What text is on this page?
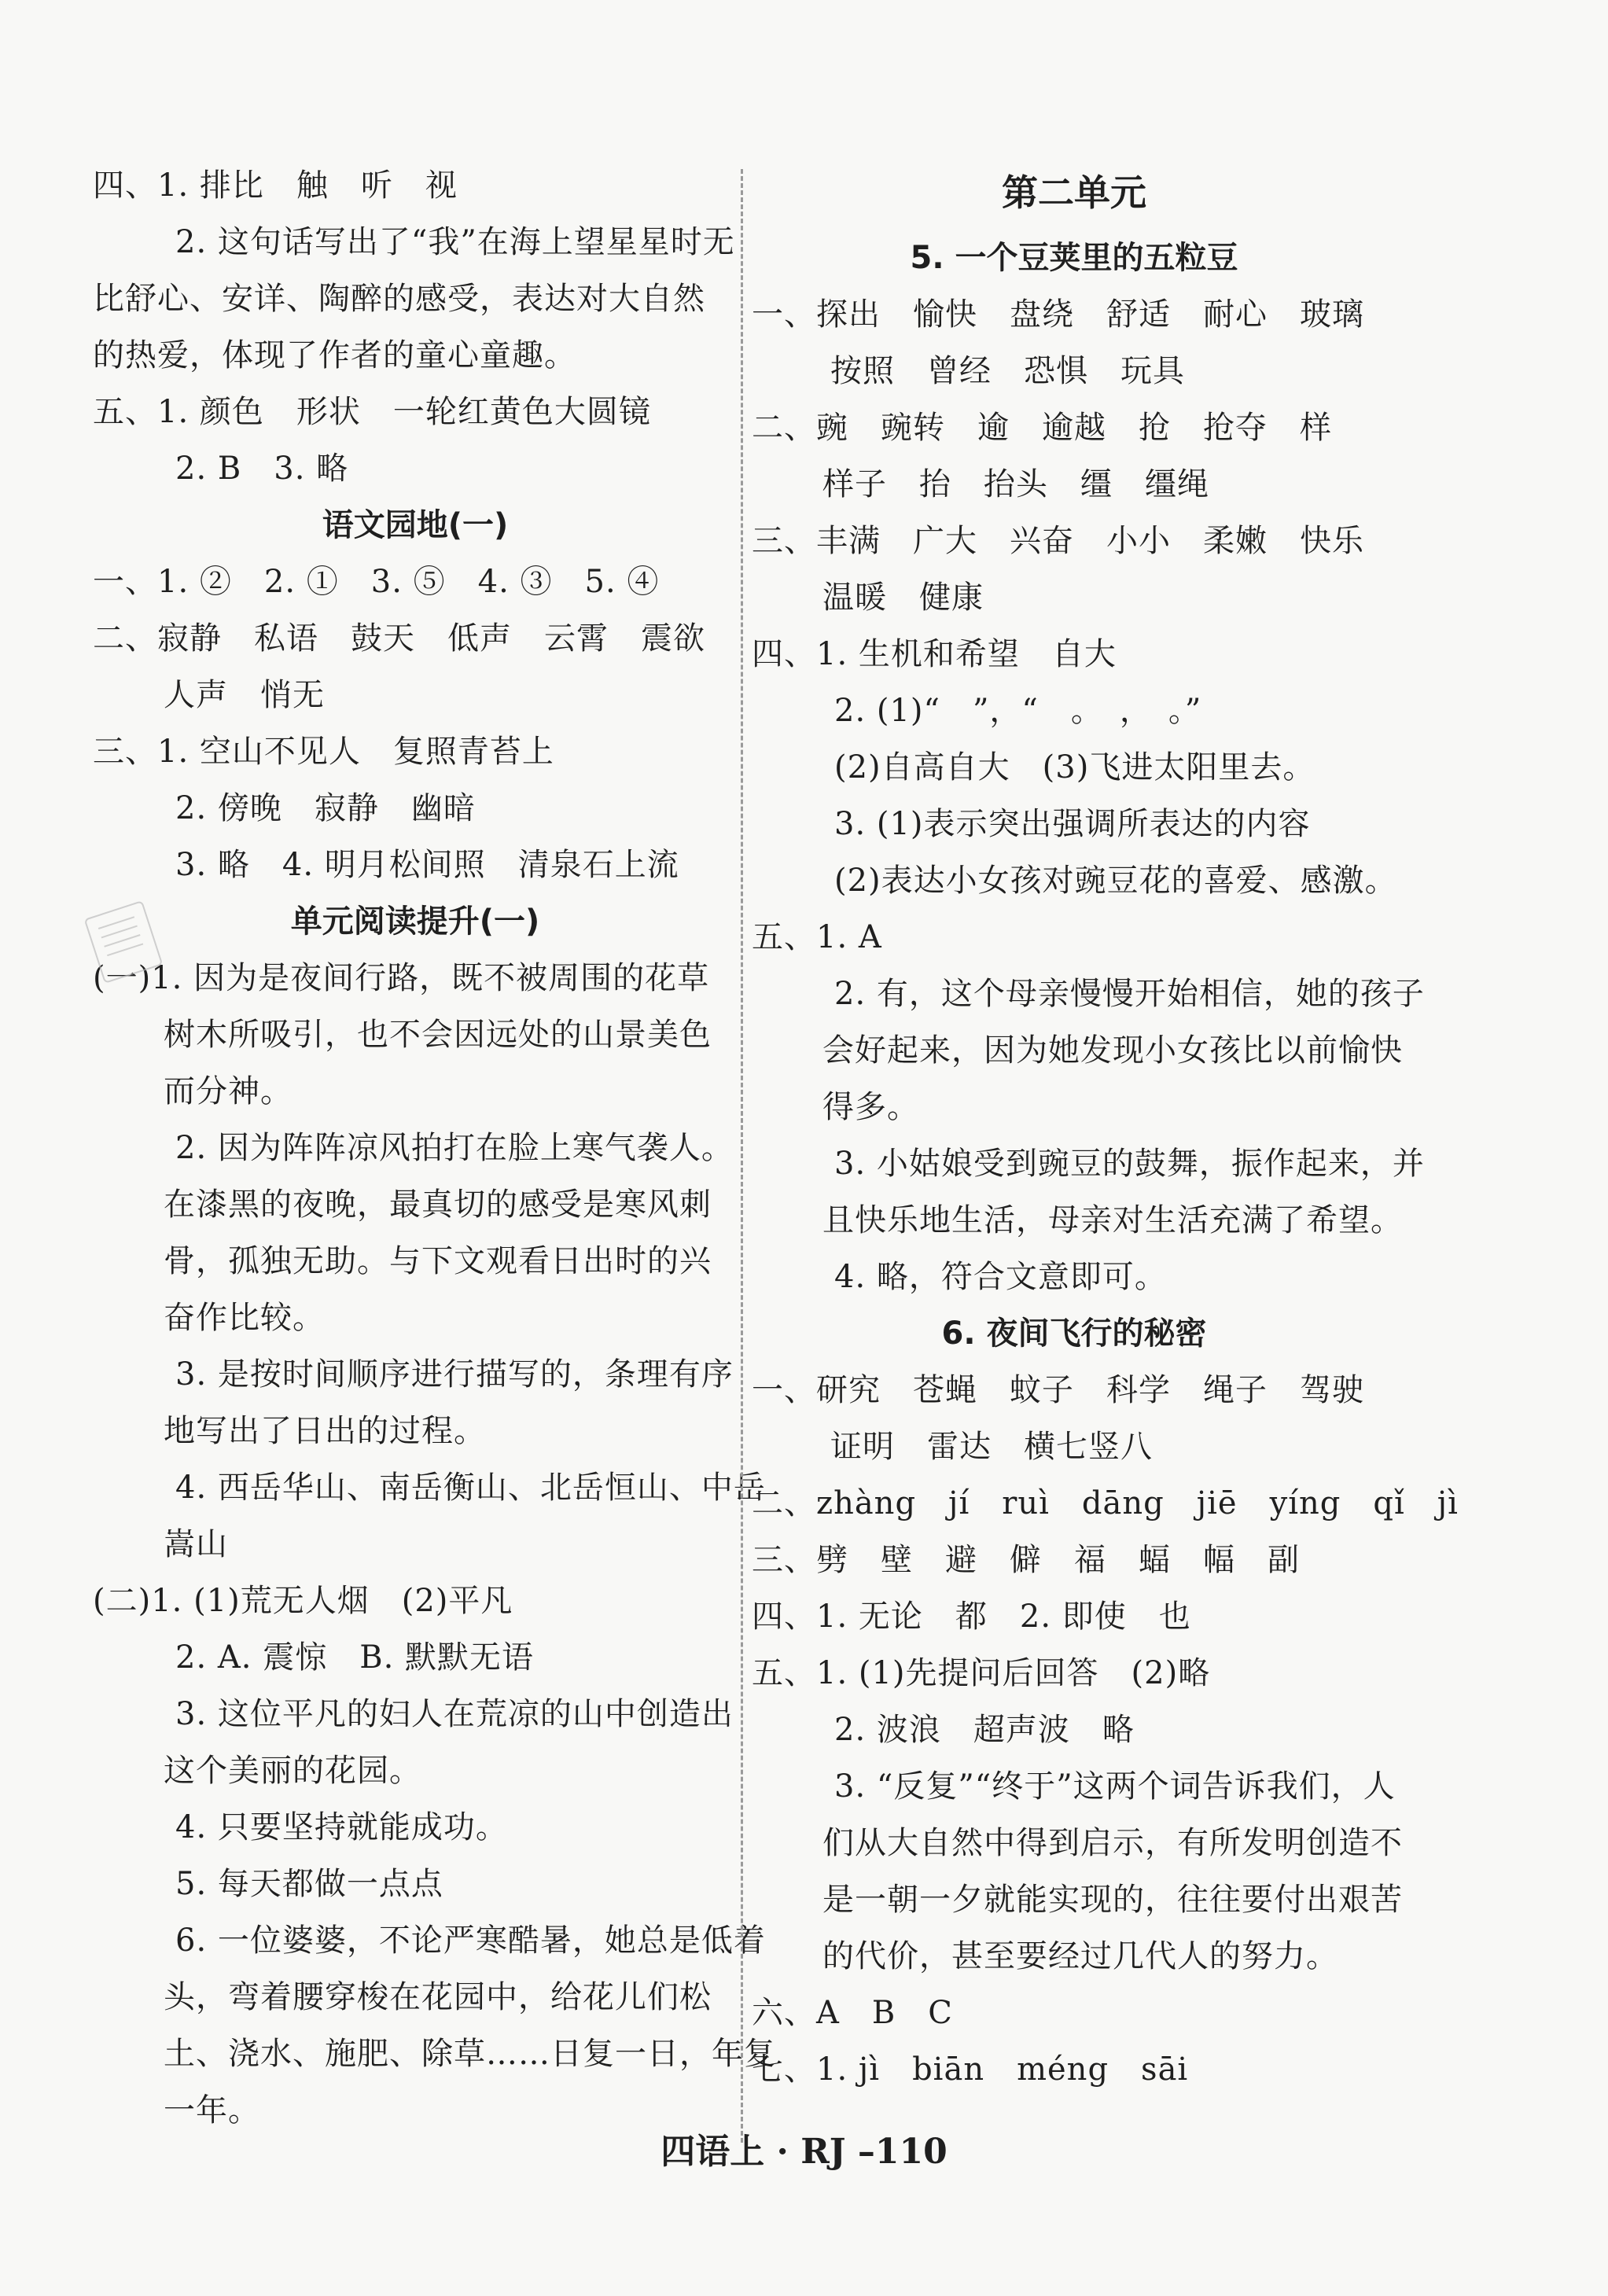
四、1. 排比　触　听　视
2. 这句话写出了“我”在海上望星星时无
比舒心、安详、陶醉的感受，表达对大自然
的热爱，体现了作者的童心童趣。
五、1. 颜色　形状　一轮红黄色大圆镜
2. B　3. 略
语文园地(一)
一、1. ②　2. ①　3. ⑤　4. ③　5. ④
二、寂静　私语　鼓天　低声　云霄　震欲
人声　悄无
三、1. 空山不见人　复照青苔上
2. 傍晚　寂静　幽暗
3. 略　4. 明月松间照　清泉石上流
单元阅读提升(一)
(一)1. 因为是夜间行路，既不被周围的花草
树木所吸引，也不会因远处的山景美色
而分神。
2. 因为阵阵凉风拍打在脸上寒气袭人。
在漆黑的夜晚，最真切的感受是寒风刺
骨，孤独无助。与下文观看日出时的兴
奋作比较。
3. 是按时间顺序进行描写的，条理有序
地写出了日出的过程。
4. 西岳华山、南岳衡山、北岳恒山、中岳
嵩山
(二)1. (1)荒无人烟　(2)平凡
2. A. 震惊　B. 默默无语
3. 这位平凡的妇人在荒凉的山中创造出
这个美丽的花园。
4. 只要坚持就能成功。
5. 每天都做一点点
6. 一位婆婆，不论严寒酷暑，她总是低着
头，弯着腰穿梭在花园中，给花儿们松
土、浇水、施肥、除草……日复一日，年复
一年。
第二单元
5. 一个豆荚里的五粒豆
一、探出　愉快　盘绕　舒适　耐心　玻璃
按照　曾经　恐惧　玩具
二、豌　豌转　逾　逾越　抢　抢夺　样
样子　抬　抬头　缰　缰绳
三、丰满　广大　兴奋　小小　柔嫩　快乐
温暖　健康
四、1. 生机和希望　自大
2. (1)“　”，“　。　，　。”
(2)自高自大　(3)飞进太阳里去。
3. (1)表示突出强调所表达的内容
(2)表达小女孩对豌豆花的喜爱、感激。
五、1. A
2. 有，这个母亲慢慢开始相信，她的孩子
会好起来，因为她发现小女孩比以前愉快
得多。
3. 小姑娘受到豌豆的鼓舞，振作起来，并
且快乐地生活，母亲对生活充满了希望。
4. 略，符合文意即可。
6. 夜间飞行的秘密
一、研究　苍蝇　蚊子　科学　绳子　驾驶
证明　雷达　横七竖八
二、zhàng　jí　ruì　dāng　jiē　yíng　qǐ　jì
三、劈　壁　避　僻　福　蝠　幅　副
四、1. 无论　都　2. 即使　也
五、1. (1)先提问后回答　(2)略
2. 波浪　超声波　略
3. “反复”“终于”这两个词告诉我们，人
们从大自然中得到启示，有所发明创造不
是一朝一夕就能实现的，往往要付出艰苦
的代价，甚至要经过几代人的努力。
六、A　B　C
七、1. jì　biān　méng　sāi
四语上 · RJ –110
